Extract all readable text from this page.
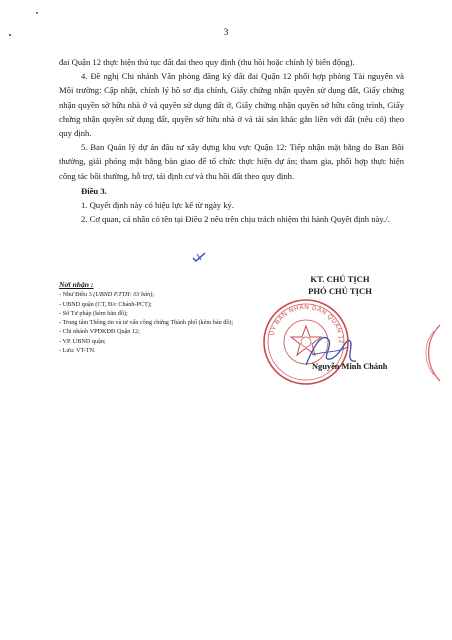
3

đai Quận 12 thực hiện thủ tục đất đai theo quy định (thu hồi hoặc chỉnh lý biến động).

4. Đề nghị Chi nhánh Văn phòng đăng ký đất đai Quận 12 phối hợp phòng Tài nguyên và Môi trường: Cập nhật, chỉnh lý hồ sơ địa chính, Giấy chứng nhận quyền sử dụng đất, Giấy chứng nhận quyền sở hữu nhà ở và quyền sử dụng đất ở, Giấy chứng nhận quyền sở hữu công trình, Giấy chứng nhận quyền sử dụng đất, quyền sở hữu nhà ở và tài sản khác gắn liền với đất (nếu có) theo quy định.

5. Ban Quản lý dự án đầu tư xây dựng khu vực Quận 12: Tiếp nhận mặt bằng do Ban Bồi thường, giải phóng mặt bằng bàn giao để tổ chức thực hiện dự án; tham gia, phối hợp thực hiện công tác bồi thường, hỗ trợ, tái định cư và thu hồi đất theo quy định.

Điều 3.

1. Quyết định này có hiệu lực kể từ ngày ký.

2. Cơ quan, cá nhân có tên tại Điều 2 nêu trên chịu trách nhiệm thi hành Quyết định này./.

Nơi nhận :
- Như Điều 3 (UBND P.TTH: 03 bản);
- UBND quận (CT, Đ/c Chánh-PCT);
- Sở Tư pháp (kèm bản đồ);
- Trung tâm Thông tin và tư vấn công chứng Thành phố (kèm bản đồ);
- Chi nhánh VPĐKĐĐ Quận 12;
- VP. UBND quận;
- Lưu: VT-TN.
ỦY BAN NHÂN DÂN QUẬN 12
KT. CHỦ TỊCH
PHÓ CHỦ TỊCH
Nguyễn Minh Chánh
